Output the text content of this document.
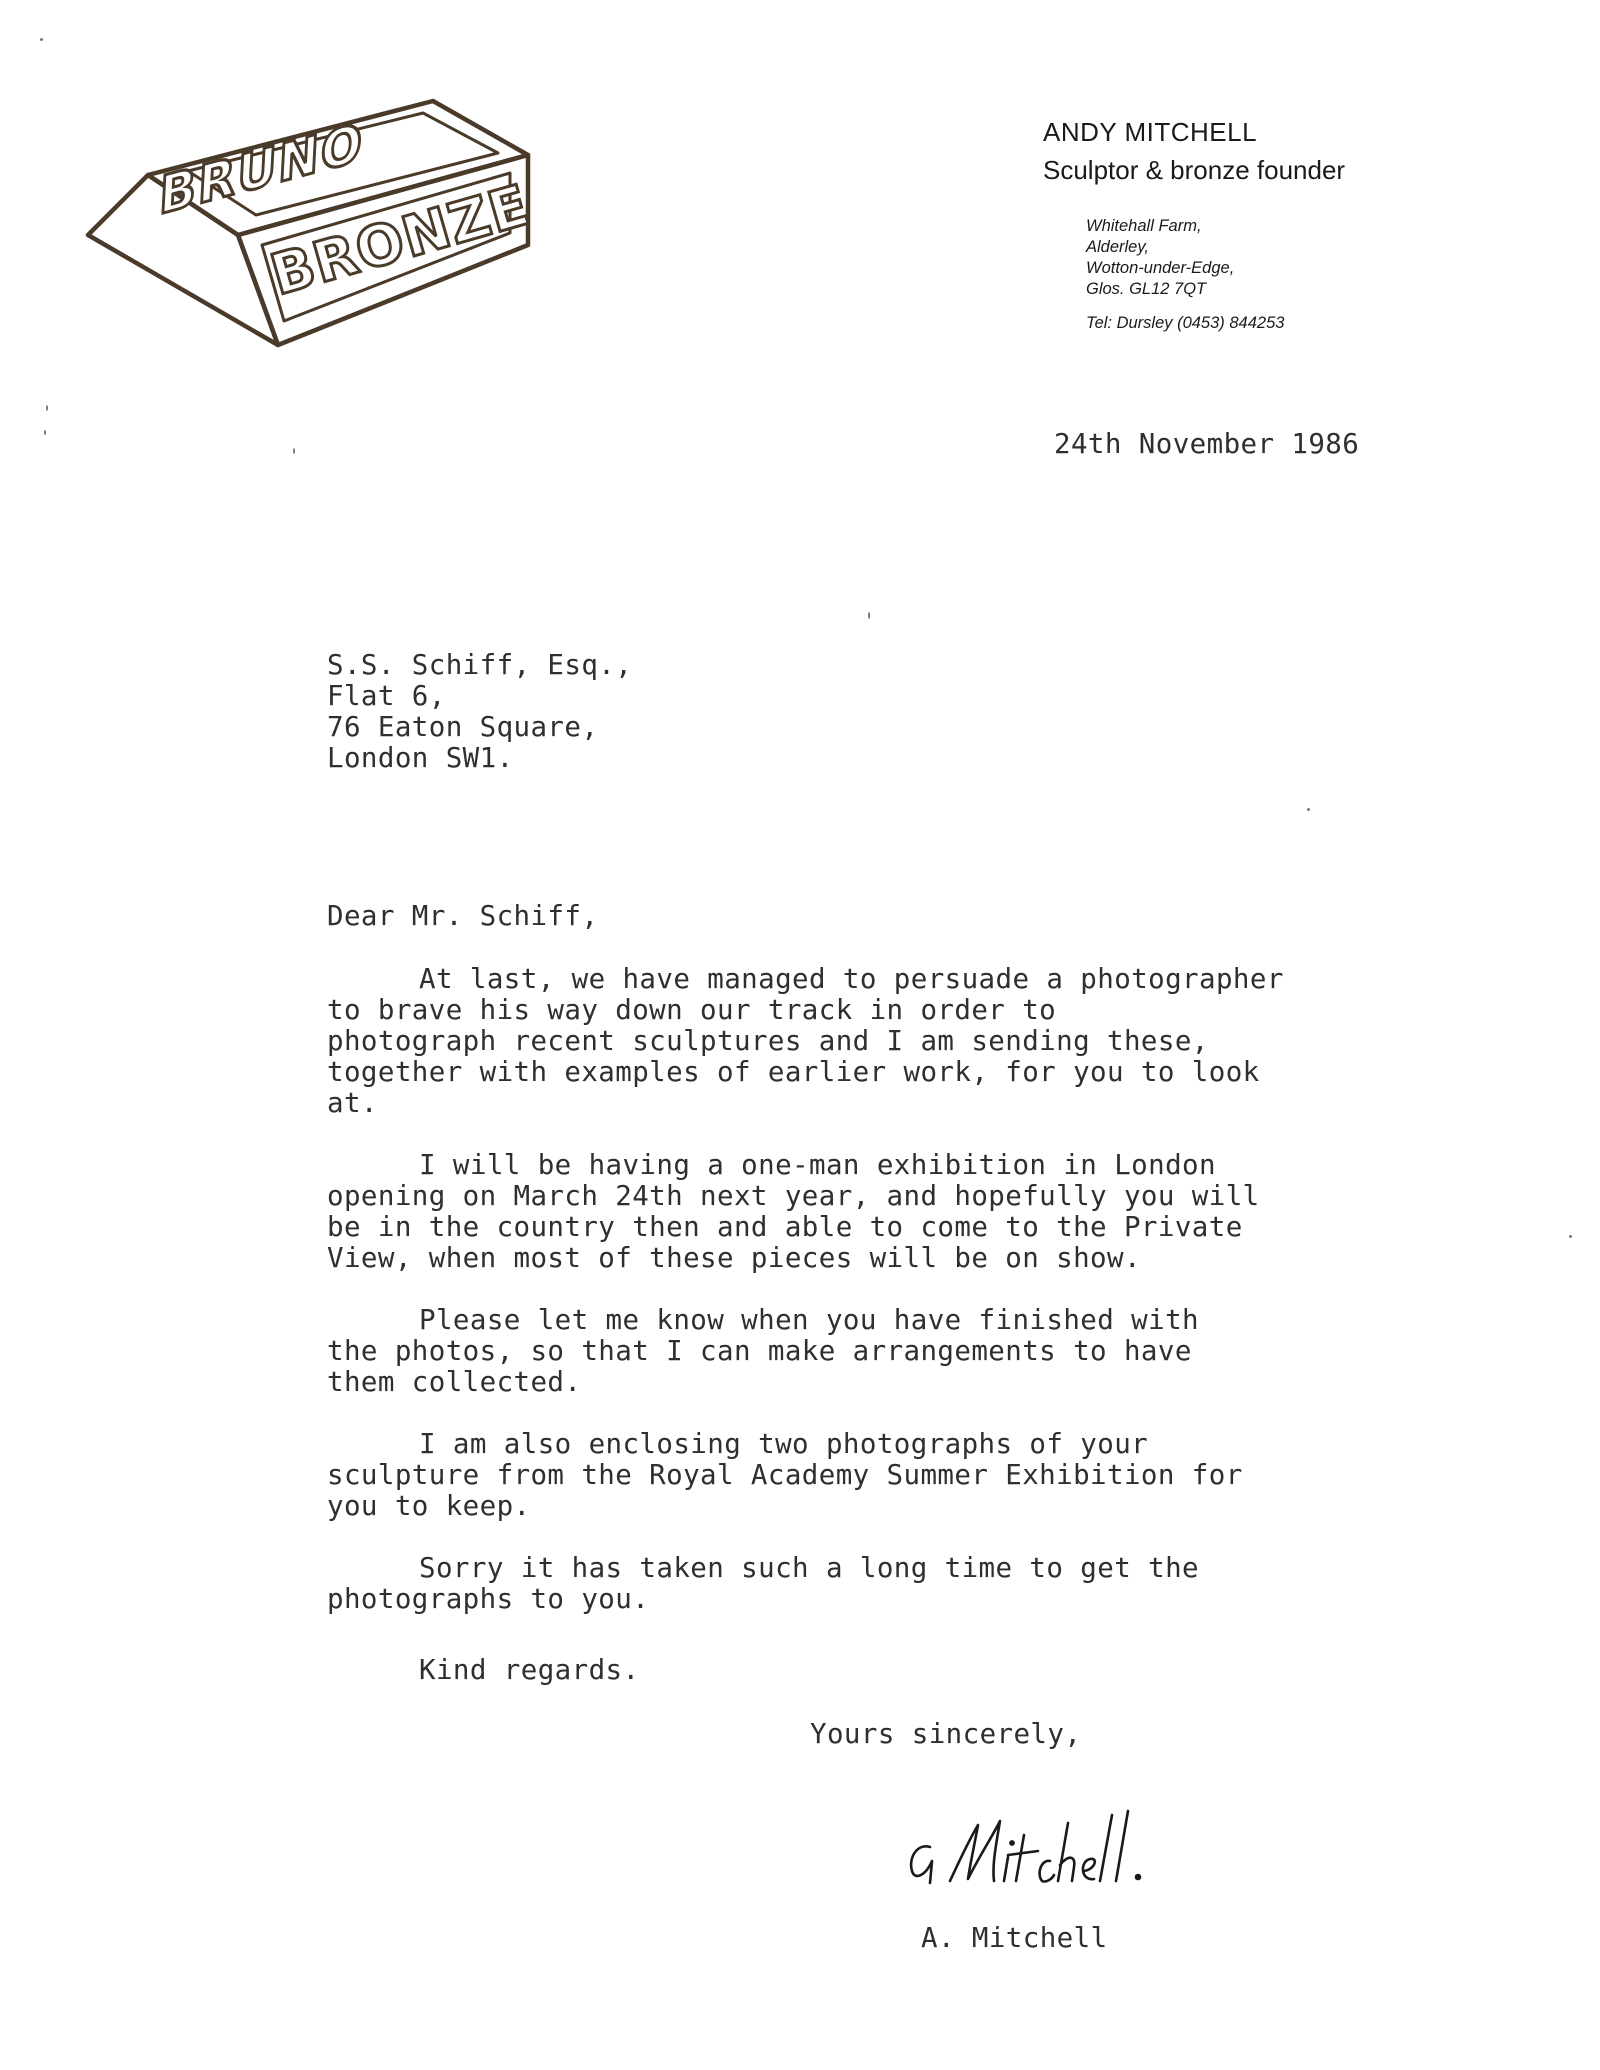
BRUNO
BRONZE
ANDY MITCHELL
Sculptor & bronze founder
Whitehall Farm,
Alderley,
Wotton-under-Edge,
Glos. GL12 7QT
Tel: Dursley (0453) 844253
24th November 1986
S.S. Schiff, Esq.,
Flat 6,
76 Eaton Square,
London SW1.
Dear Mr. Schiff,
At last, we have managed to persuade a photographer
to brave his way down our track in order to
photograph recent sculptures and I am sending these,
together with examples of earlier work, for you to look
at.
I will be having a one-man exhibition in London
opening on March 24th next year, and hopefully you will
be in the country then and able to come to the Private
View, when most of these pieces will be on show.
Please let me know when you have finished with
the photos, so that I can make arrangements to have
them collected.
I am also enclosing two photographs of your
sculpture from the Royal Academy Summer Exhibition for
you to keep.
Sorry it has taken such a long time to get the
photographs to you.
Kind regards.
Yours sincerely,
A. Mitchell
